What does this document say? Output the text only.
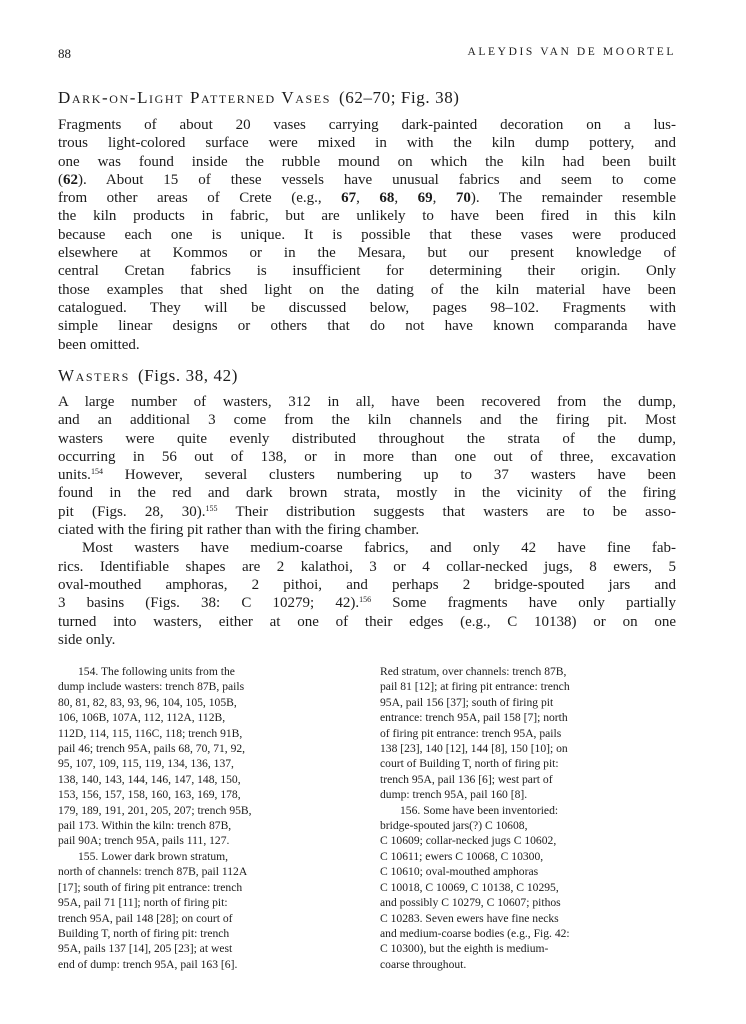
88	ALEYDIS VAN DE MOORTEL
Dark-on-Light Patterned Vases (62–70; Fig. 38)

Fragments of about 20 vases carrying dark-painted decoration on a lus-
trous light-colored surface were mixed in with the kiln dump pottery, and
one was found inside the rubble mound on which the kiln had been built
(62). About 15 of these vessels have unusual fabrics and seem to come
from other areas of Crete (e.g., 67, 68, 69, 70). The remainder resemble
the kiln products in fabric, but are unlikely to have been fired in this kiln
because each one is unique. It is possible that these vases were produced
elsewhere at Kommos or in the Mesara, but our present knowledge of
central Cretan fabrics is insufficient for determining their origin. Only
those examples that shed light on the dating of the kiln material have been
catalogued. They will be discussed below, pages 98–102. Fragments with
simple linear designs or others that do not have known comparanda have
been omitted.

Wasters (Figs. 38, 42)

A large number of wasters, 312 in all, have been recovered from the dump,
and an additional 3 come from the kiln channels and the firing pit. Most
wasters were quite evenly distributed throughout the strata of the dump,
occurring in 56 out of 138, or in more than one out of three, excavation
units.$^{154}$ However, several clusters numbering up to 37 wasters have been
found in the red and dark brown strata, mostly in the vicinity of the firing
pit (Figs. 28, 30).$^{155}$ Their distribution suggests that wasters are to be asso-
ciated with the firing pit rather than with the firing chamber.

Most wasters have medium-coarse fabrics, and only 42 have fine fab-
rics. Identifiable shapes are 2 kalathoi, 3 or 4 collar-necked jugs, 8 ewers, 5
oval-mouthed amphoras, 2 pithoi, and perhaps 2 bridge-spouted jars and
3 basins (Figs. 38: C 10279; 42).$^{156}$ Some fragments have only partially
turned into wasters, either at one of their edges (e.g., C 10138) or on one
side only.

154. The following units from the
dump include wasters: trench 87B, pails
80, 81, 82, 83, 93, 96, 104, 105, 105B,
106, 106B, 107A, 112, 112A, 112B,
112D, 114, 115, 116C, 118; trench 91B,
pail 46; trench 95A, pails 68, 70, 71, 92,
95, 107, 109, 115, 119, 134, 136, 137,
138, 140, 143, 144, 146, 147, 148, 150,
153, 156, 157, 158, 160, 163, 169, 178,
179, 189, 191, 201, 205, 207; trench 95B,
pail 173. Within the kiln: trench 87B,
pail 90A; trench 95A, pails 111, 127.
155. Lower dark brown stratum,
north of channels: trench 87B, pail 112A
[17]; south of firing pit entrance: trench
95A, pail 71 [11]; north of firing pit:
trench 95A, pail 148 [28]; on court of
Building T, north of firing pit: trench
95A, pails 137 [14], 205 [23]; at west
end of dump: trench 95A, pail 163 [6].
Red stratum, over channels: trench 87B,
pail 81 [12]; at firing pit entrance: trench
95A, pail 156 [37]; south of firing pit
entrance: trench 95A, pail 158 [7]; north
of firing pit entrance: trench 95A, pails
138 [23], 140 [12], 144 [8], 150 [10]; on
court of Building T, north of firing pit:
trench 95A, pail 136 [6]; west part of
dump: trench 95A, pail 160 [8].
156. Some have been inventoried:
bridge-spouted jars(?) C 10608,
C 10609; collar-necked jugs C 10602,
C 10611; ewers C 10068, C 10300,
C 10610; oval-mouthed amphoras
C 10018, C 10069, C 10138, C 10295,
and possibly C 10279, C 10607; pithos
C 10283. Seven ewers have fine necks
and medium-coarse bodies (e.g., Fig. 42:
C 10300), but the eighth is medium-
coarse throughout.
